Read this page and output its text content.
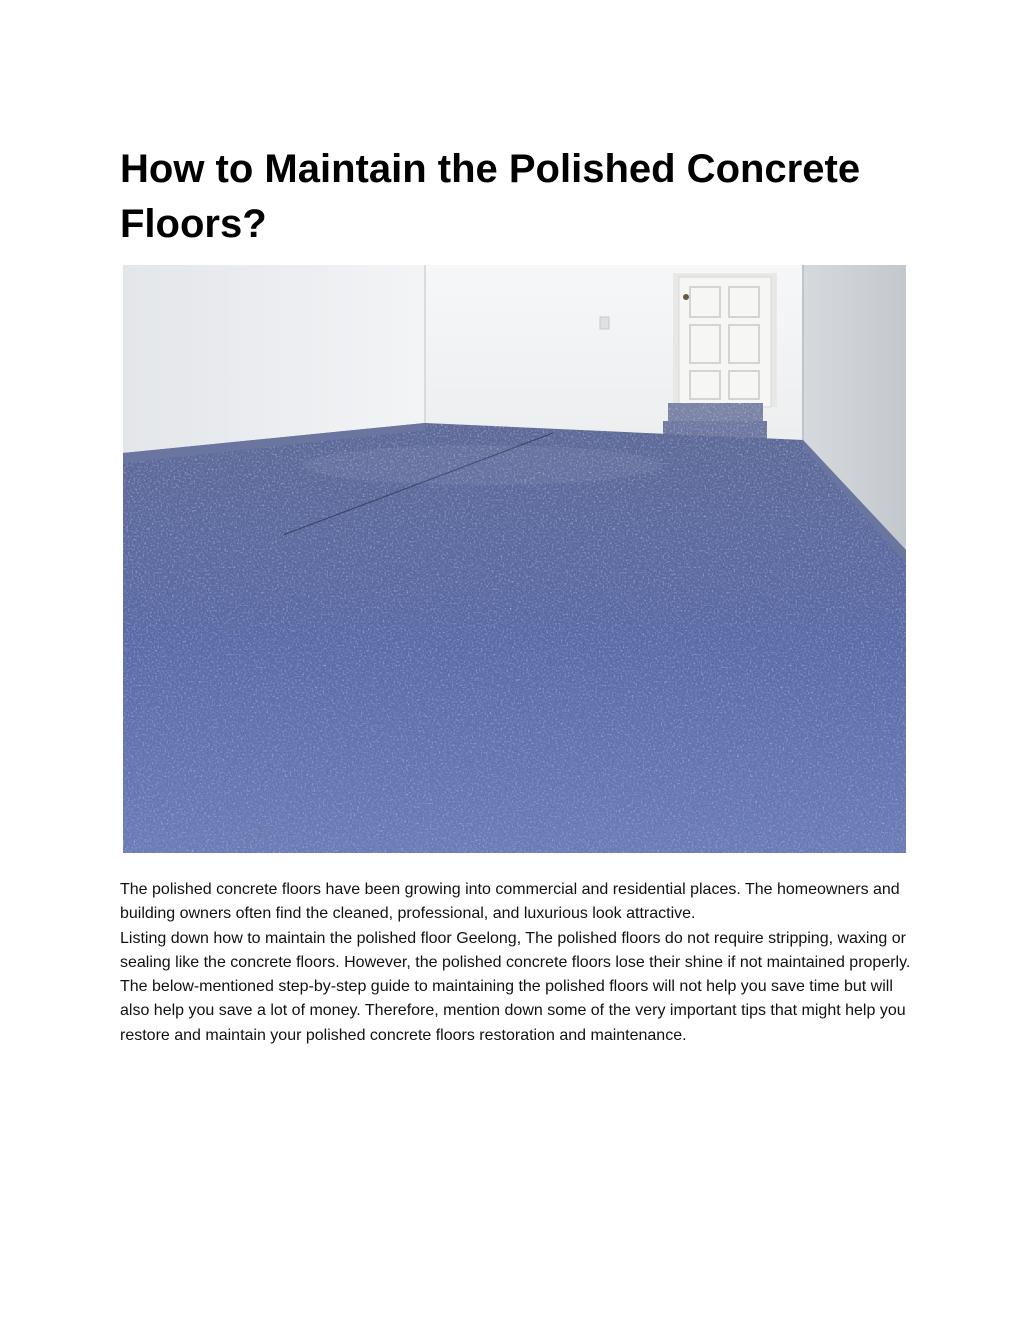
How to Maintain the Polished Concrete Floors?

The polished concrete floors have been growing into commercial and residential places. The homeowners and building owners often find the cleaned, professional, and luxurious look attractive.

Listing down how to maintain the polished floor Geelong, The polished floors do not require stripping, waxing or sealing like the concrete floors. However, the polished concrete floors lose their shine if not maintained properly.

The below-mentioned step-by-step guide to maintaining the polished floors will not help you save time but will also help you save a lot of money. Therefore, mention down some of the very important tips that might help you restore and maintain your polished concrete floors restoration and maintenance.
